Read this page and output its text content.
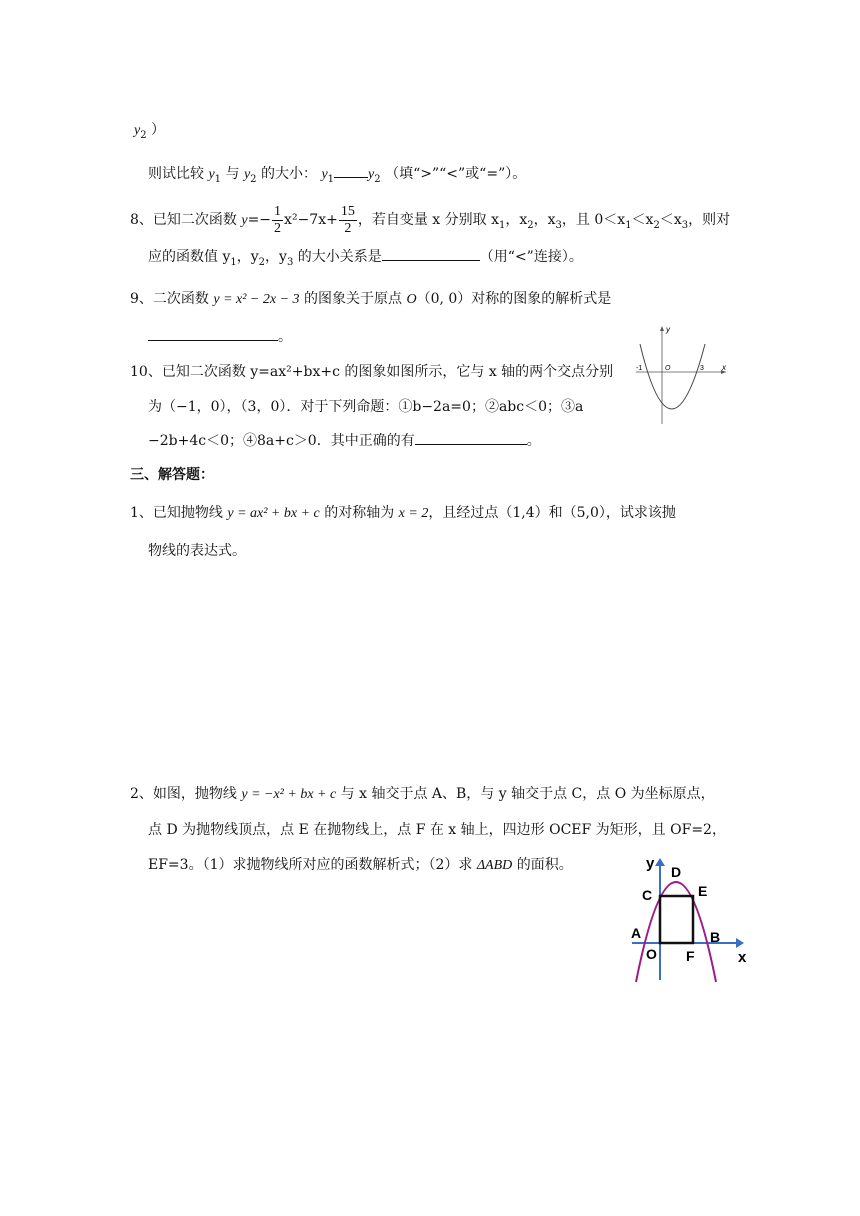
$y_2$ ）
则试比较 $y_1$ 与 $y_2$ 的大小： $y_1$ $y_2$ （填“>”“<”或“=”）。
8、已知二次函数 $y=- \frac{1}{2} x^2-7x+ \frac{15}{2}$ ，若自变量 x 分别取 $x_1$，$x_2$，$x_3$，且 $0<x_1<x_2<x_3$，则对
应的函数值 $y_1$，$y_2$，$y_3$ 的大小关系是	（用“<”连接）。
9、二次函数 y = x² − 2x − 3 的图象关于原点 O（0, 0）对称的图象的解析式是
。
10、已知二次函数 y=ax²+bx+c 的图象如图所示，它与 x 轴的两个交点分别
为（−1，0），（3，0）．对于下列命题：①b−2a=0；②abc＜0；③a
−2b+4c＜0；④8a+c＞0．其中正确的有	。
y
x
O
-1	3
三、解答题：
1、已知抛物线 y = ax² + bx + c 的对称轴为 x = 2，且经过点（1,4）和（5,0），试求该抛
物线的表达式。
2、如图，抛物线 y = −x² + bx + c 与 x 轴交于点 A、B，与 y 轴交于点 C，点 O 为坐标原点，
点 D 为抛物线顶点，点 E 在抛物线上，点 F 在 x 轴上，四边形 OCEF 为矩形，且 OF=2，
EF=3。（1）求抛物线所对应的函数解析式；（2）求 ΔABD 的面积。	y
x
D
C	E
A
O F
B
